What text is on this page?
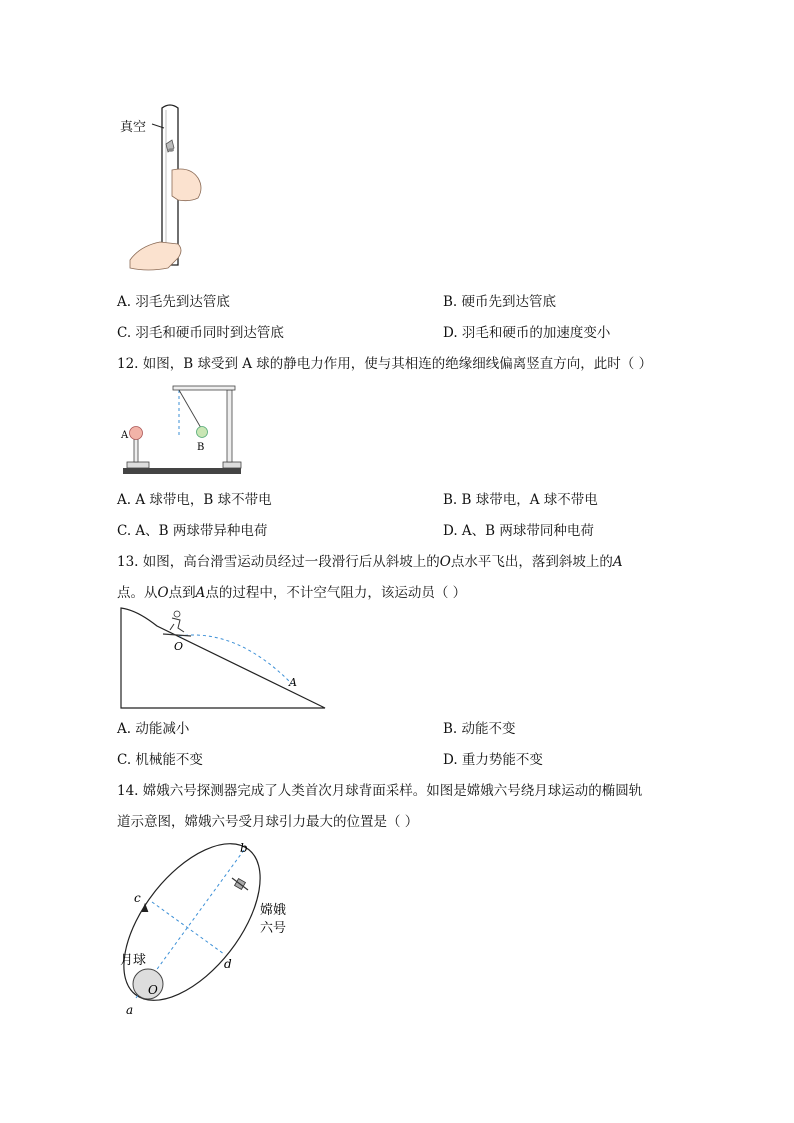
真空
A. 羽毛先到达管底	B. 硬币先到达管底
C. 羽毛和硬币同时到达管底	D. 羽毛和硬币的加速度变小
12. 如图，B 球受到 A 球的静电力作用，使与其相连的绝缘细线偏离竖直方向，此时（ ）
A
B
A. A 球带电，B 球不带电	B. B 球带电，A 球不带电
C. A、B 两球带异种电荷	D. A、B 两球带同种电荷
13. 如图，高台滑雪运动员经过一段滑行后从斜坡上的O点水平飞出，落到斜坡上的A
点。从O点到A点的过程中，不计空气阻力，该运动员（ ）
O
A
A. 动能减小	B. 动能不变
C. 机械能不变	D. 重力势能不变
14. 嫦娥六号探测器完成了人类首次月球背面采样。如图是嫦娥六号绕月球运动的椭圆轨
道示意图，嫦娥六号受月球引力最大的位置是（ ）
b
c
d
a
O
月球
嫦娥
六号
